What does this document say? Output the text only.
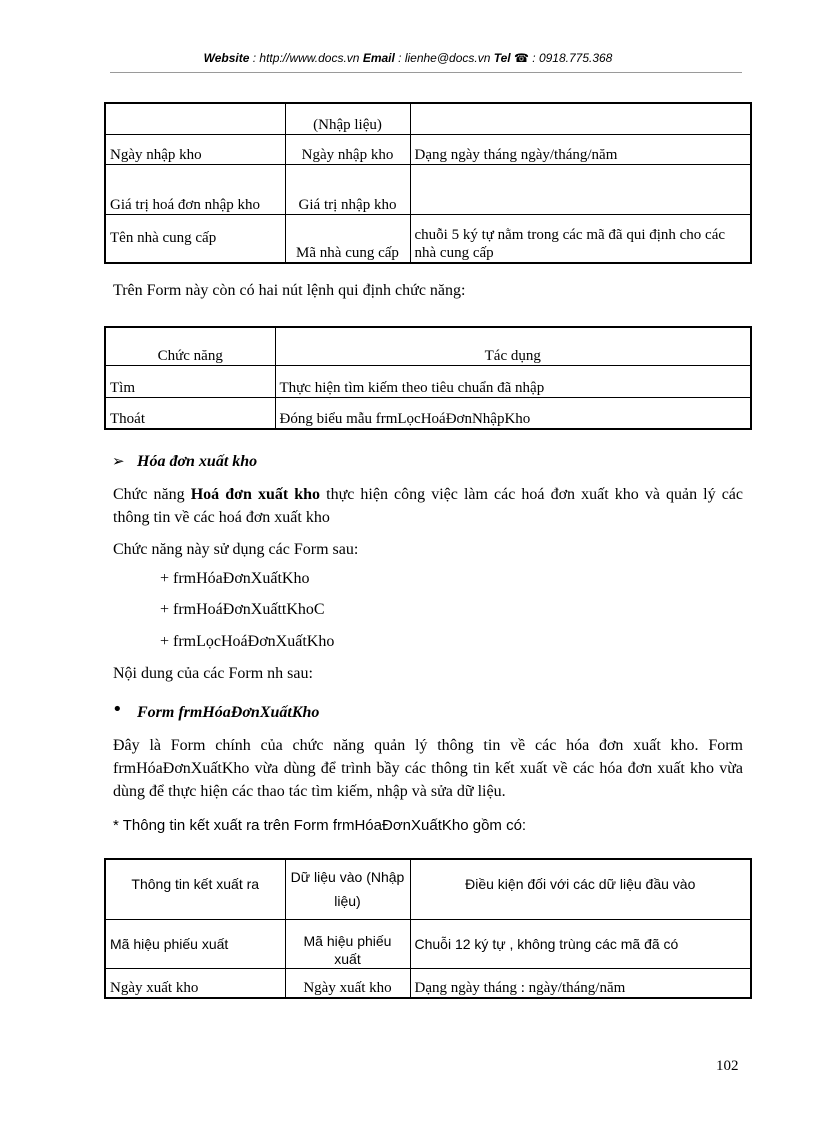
Website : http://www.docs.vn Email : lienhe@docs.vn Tel ☎ : 0918.775.368
	(Nhập liệu)	
Ngày nhập kho	Ngày nhập kho	Dạng ngày tháng ngày/tháng/năm
Giá trị hoá đơn nhập kho	Giá trị nhập kho	
Tên nhà cung cấp	Mã nhà cung cấp	chuỗi 5 ký tự nằm trong các mã đã qui định cho các nhà cung cấp
Trên Form này còn có hai nút lệnh qui định chức năng:
Chức năng	Tác dụng
Tìm	Thực hiện tìm kiếm theo tiêu chuẩn đã nhập
Thoát	Đóng biểu mẫu frmLọcHoáĐơnNhậpKho
➢ Hóa đơn xuất kho
Chức năng Hoá đơn xuất kho thực hiện công việc làm các hoá đơn xuất kho và quản lý các thông tin về các hoá đơn xuất kho
Chức năng này sử dụng các Form sau:
+ frmHóaĐơnXuấtKho
+ frmHoáĐơnXuấttKhoC
+ frmLọcHoáĐơnXuấtKho
Nội dung của các Form nh sau:
• Form frmHóaĐơnXuấtKho
Đây là Form chính của chức năng quản lý thông tin về các hóa đơn xuất kho. Form frmHóaĐơnXuấtKho vừa dùng để trình bầy các thông tin kết xuất về các hóa đơn xuất kho vừa dùng để thực hiện các thao tác tìm kiếm, nhập và sửa dữ liệu.
* Thông tin kết xuất ra trên Form frmHóaĐơnXuấtKho gồm có:
Thông tin kết xuất ra	Dữ liệu vào (Nhập liệu)	Điều kiện đối với các dữ liệu đầu vào
Mã hiệu phiếu xuất	Mã hiệu phiếu xuất	Chuỗi 12 ký tự , không trùng các mã đã có
Ngày xuất kho	Ngày xuất kho	Dạng ngày tháng : ngày/tháng/năm
102
